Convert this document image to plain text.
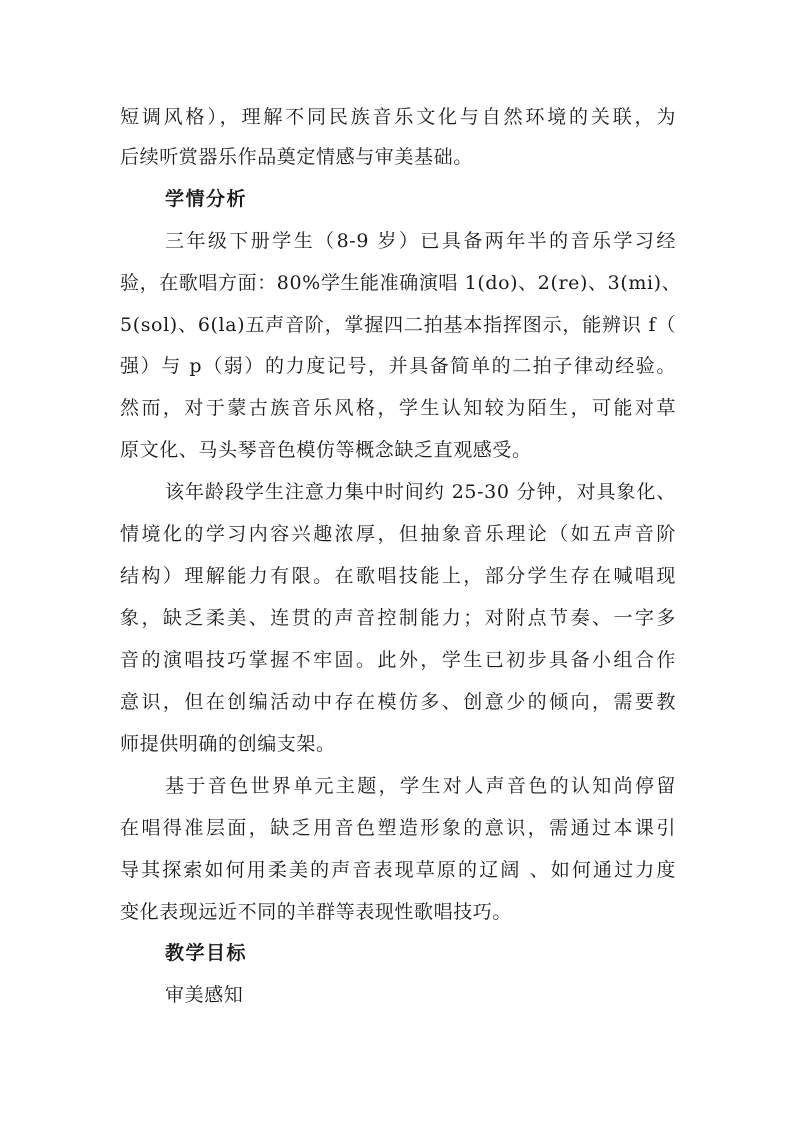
短调风格），理解不同民族音乐文化与自然环境的关联，为
后续听赏器乐作品奠定情感与审美基础。
学情分析
三年级下册学生（8-9 岁）已具备两年半的音乐学习经
验，在歌唱方面：80%学生能准确演唱 1(do)、2(re)、3(mi)、
5(sol)、6(la)五声音阶，掌握四二拍基本指挥图示，能辨识 f（
强）与 p（弱）的力度记号，并具备简单的二拍子律动经验。
然而，对于蒙古族音乐风格，学生认知较为陌生，可能对草
原文化、马头琴音色模仿等概念缺乏直观感受。
该年龄段学生注意力集中时间约 25-30 分钟，对具象化、
情境化的学习内容兴趣浓厚，但抽象音乐理论（如五声音阶
结构）理解能力有限。在歌唱技能上，部分学生存在喊唱现
象，缺乏柔美、连贯的声音控制能力；对附点节奏、一字多
音的演唱技巧掌握不牢固。此外，学生已初步具备小组合作
意识，但在创编活动中存在模仿多、创意少的倾向，需要教
师提供明确的创编支架。
基于音色世界单元主题，学生对人声音色的认知尚停留
在唱得准层面，缺乏用音色塑造形象的意识，需通过本课引
导其探索如何用柔美的声音表现草原的辽阔 、如何通过力度
变化表现远近不同的羊群等表现性歌唱技巧。
教学目标
审美感知
